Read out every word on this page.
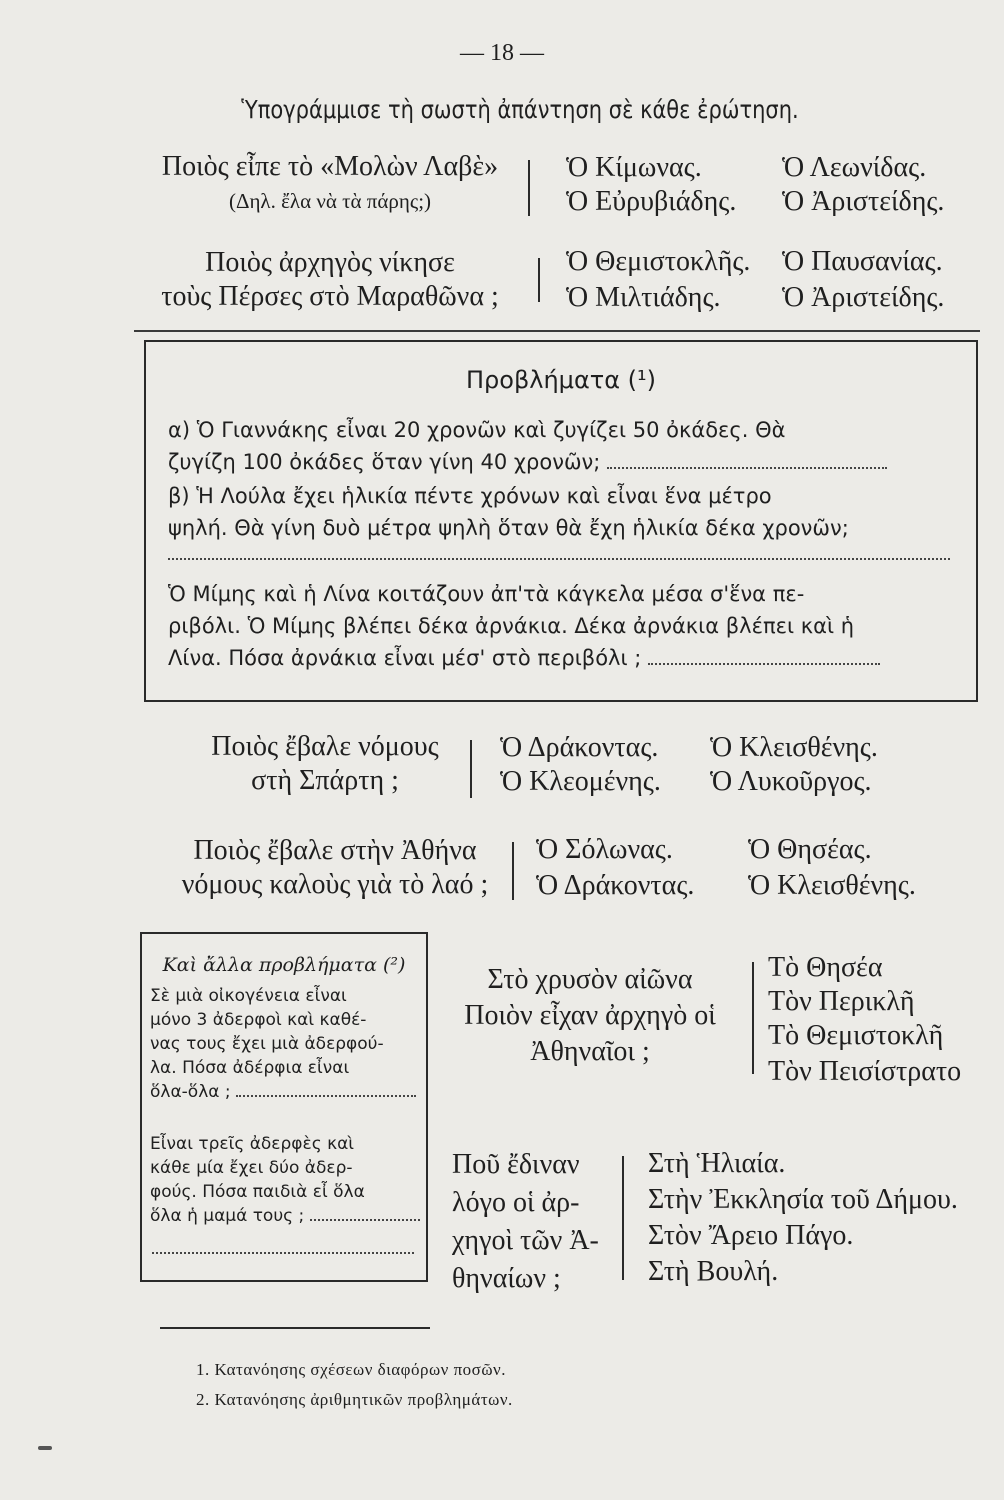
— 18 —
Ὑπογράμμισε τὴ σωστὴ ἀπάντηση σὲ κάθε ἐρώτηση.
Ποιὸς εἶπε τὸ «Μολὼν Λαβὲ»
(Δηλ. ἔλα νὰ τὰ πάρης;)
Ὁ Κίμωνας.
Ὁ Εὐρυβιάδης.
Ὁ Λεωνίδας.
Ὁ Ἀριστείδης.
Ποιὸς ἀρχηγὸς νίκησε
τοὺς Πέρσες στὸ Μαραθῶνα ;
Ὁ Θεμιστοκλῆς.
Ὁ Μιλτιάδης.
Ὁ Παυσανίας.
Ὁ Ἀριστείδης.
Προβλήματα (¹)
α) Ὁ Γιαννάκης εἶναι 20 χρονῶν καὶ ζυγίζει 50 ὀκάδες. Θὰ
ζυγίζη 100 ὀκάδες ὅταν γίνη 40 χρονῶν;
β) Ἡ Λούλα ἔχει ἡλικία πέντε χρόνων καὶ εἶναι ἕνα μέτρο
ψηλή. Θὰ γίνη δυὸ μέτρα ψηλὴ ὅταν θὰ ἔχη ἡλικία δέκα χρονῶν;
Ὁ Μίμης καὶ ἡ Λίνα κοιτάζουν ἀπ'τὰ κάγκελα μέσα σ'ἕνα πε-
ριβόλι. Ὁ Μίμης βλέπει δέκα ἀρνάκια. Δέκα ἀρνάκια βλέπει καὶ ἡ
Λίνα. Πόσα ἀρνάκια εἶναι μέσ' στὸ περιβόλι ;
Ποιὸς ἔβαλε νόμους
στὴ Σπάρτη ;
Ὁ Δράκοντας.
Ὁ Κλεομένης.
Ὁ Κλεισθένης.
Ὁ Λυκοῦργος.
Ποιὸς ἔβαλε στὴν Ἀθήνα
νόμους καλοὺς γιὰ τὸ λαό ;
Ὁ Σόλωνας.
Ὁ Δράκοντας.
Ὁ Θησέας.
Ὁ Κλεισθένης.
Καὶ ἄλλα προβλήματα (²)
Σὲ μιὰ οἰκογένεια εἶναι
μόνο 3 ἀδερφοὶ καὶ καθέ-
νας τους ἔχει μιὰ ἀδερφού-
λα. Πόσα ἀδέρφια εἶναι
ὅλα-ὅλα ;
Εἶναι τρεῖς ἀδερφὲς καὶ
κάθε μία ἔχει δύο ἀδερ-
φούς. Πόσα παιδιὰ εἶ ὅλα
ὅλα ἡ μαμά τους ;
Στὸ χρυσὸν αἰῶνα
Ποιὸν εἶχαν ἀρχηγὸ οἱ
Ἀθηναῖοι ;
Τὸ Θησέα
Τὸν Περικλῆ
Τὸ Θεμιστοκλῆ
Τὸν Πεισίστρατο
Ποῦ ἔδιναν
λόγο οἱ ἀρ-
χηγοὶ τῶν Ἀ-
θηναίων ;
Στὴ Ἡλιαία.
Στὴν Ἐκκλησία τοῦ Δήμου.
Στὸν Ἄρειο Πάγο.
Στὴ Βουλή.
1. Κατανόησης σχέσεων διαφόρων ποσῶν.
2. Κατανόησης ἀριθμητικῶν προβλημάτων.
